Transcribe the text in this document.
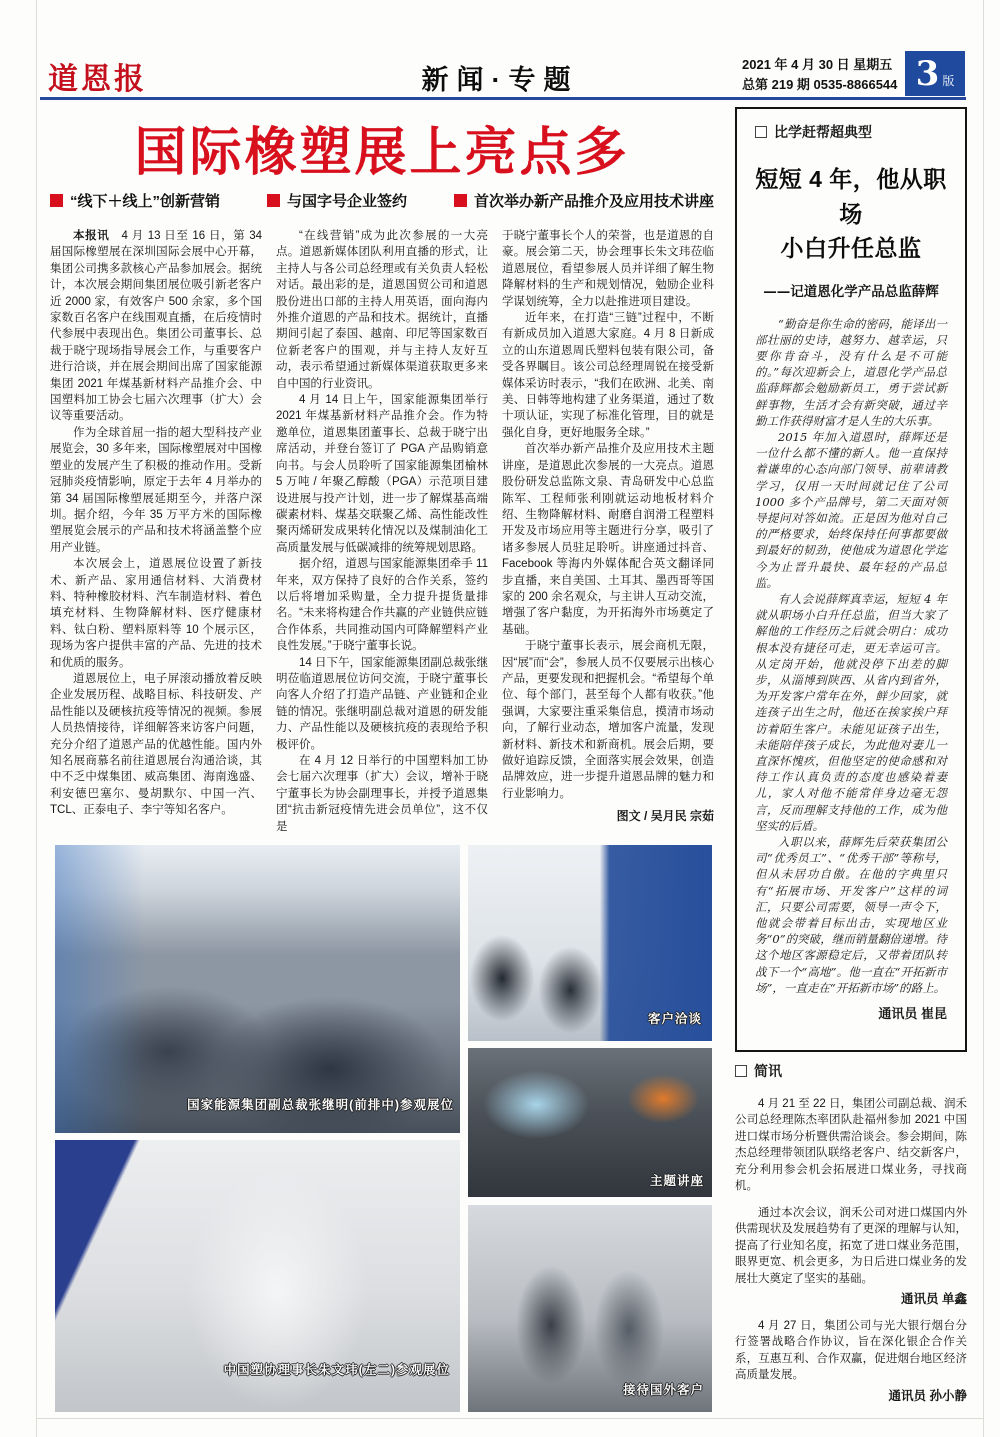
道恩报	新闻·专题
2021 年 4 月 30 日 星期五
总第 219 期 0535-8866544 3 版
国际橡塑展上亮点多
“线下＋线上”创新营销	与国字号企业签约	首次举办新产品推介及应用技术讲座

本报讯　4 月 13 日至 16 日，第 34 届国际橡塑展在深圳国际会展中心开幕，集团公司携多款核心产品参加展会。据统计，本次展会期间集团展位吸引新老客户近 2000 家，有效客户 500 余家，多个国家数百名客户在线围观直播，在后疫情时代参展中表现出色。集团公司董事长、总裁于晓宁现场指导展会工作，与重要客户进行洽谈，并在展会期间出席了国家能源集团 2021 年煤基新材料产品推介会、中国塑料加工协会七届六次理事（扩大）会议等重要活动。

作为全球首屈一指的超大型科技产业展览会，30 多年来，国际橡塑展对中国橡塑业的发展产生了积极的推动作用。受新冠肺炎疫情影响，原定于去年 4 月举办的第 34 届国际橡塑展延期至今，并落户深圳。据介绍，今年 35 万平方米的国际橡塑展览会展示的产品和技术将涵盖整个应用产业链。

本次展会上，道恩展位设置了新技术、新产品、家用通信材料、大消费材料、特种橡胶材料、汽车制造材料、着色填充材料、生物降解材料、医疗健康材料、钛白粉、塑料原料等 10 个展示区，现场为客户提供丰富的产品、先进的技术和优质的服务。

道恩展位上，电子屏滚动播放着反映企业发展历程、战略目标、科技研发、产品性能以及硬核抗疫等情况的视频。参展人员热情接待，详细解答来访客户问题，充分介绍了道恩产品的优越性能。国内外知名展商慕名前往道恩展台沟通洽谈，其中不乏中煤集团、威高集团、海南逸盛、利安德巴塞尔、曼胡默尔、中国一汽、TCL、正泰电子、李宁等知名客户。

“在线营销”成为此次参展的一大亮点。道恩新媒体团队利用直播的形式，让主持人与各公司总经理或有关负责人轻松对话。最出彩的是，道恩国贸公司和道恩股份进出口部的主持人用英语，面向海内外推介道恩的产品和技术。据统计，直播期间引起了泰国、越南、印尼等国家数百位新老客户的围观，并与主持人友好互动，表示希望通过新媒体渠道获取更多来自中国的行业资讯。

4 月 14 日上午，国家能源集团举行 2021 年煤基新材料产品推介会。作为特邀单位，道恩集团董事长、总裁于晓宁出席活动，并登台签订了 PGA 产品购销意向书。与会人员聆听了国家能源集团榆林 5 万吨 / 年聚乙醇酸（PGA）示范项目建设进展与投产计划，进一步了解煤基高端碳素材料、煤基交联聚乙烯、高性能改性聚丙烯研发成果转化情况以及煤制油化工高质量发展与低碳减排的统筹规划思路。

据介绍，道恩与国家能源集团牵手 11 年来，双方保持了良好的合作关系，签约以后将增加采购量，全力提升提货量排名。“未来将构建合作共赢的产业链供应链合作体系，共同推动国内可降解塑料产业良性发展。”于晓宁董事长说。

14 日下午，国家能源集团副总裁张继明莅临道恩展位访问交流，于晓宁董事长向客人介绍了打造产品链、产业链和企业链的情况。张继明副总裁对道恩的研发能力、产品性能以及硬核抗疫的表现给予积极评价。

在 4 月 12 日举行的中国塑料加工协会七届六次理事（扩大）会议，增补于晓宁董事长为协会副理事长，并授予道恩集团“抗击新冠疫情先进会员单位”，这不仅是

于晓宁董事长个人的荣誉，也是道恩的自豪。展会第二天，协会理事长朱文玮莅临道恩展位，看望参展人员并详细了解生物降解材料的生产和规划情况，勉励企业科学谋划统筹，全力以赴推进项目建设。

近年来，在打造“三链”过程中，不断有新成员加入道恩大家庭。4 月 8 日新成立的山东道恩周氏塑料包装有限公司，备受各界瞩目。该公司总经理周锐在接受新媒体采访时表示，“我们在欧洲、北美、南美、日韩等地构建了业务渠道，通过了数十项认证，实现了标准化管理，目的就是强化自身，更好地服务全球。”

首次举办新产品推介及应用技术主题讲座，是道恩此次参展的一大亮点。道恩股份研发总监陈文泉、青岛研发中心总监陈军、工程师张利刚就运动地板材料介绍、生物降解材料、耐磨自润滑工程塑料开发及市场应用等主题进行分享，吸引了诸多参展人员驻足聆听。讲座通过抖音、Facebook 等海内外媒体配合英文翻译同步直播，来自美国、土耳其、墨西哥等国家的 200 余名观众，与主讲人互动交流，增强了客户黏度，为开拓海外市场奠定了基础。

于晓宁董事长表示，展会商机无限，因“展”而“会”，参展人员不仅要展示出核心产品，更要发现和把握机会。“希望每个单位、每个部门，甚至每个人都有收获。”他强调，大家要注重采集信息，摸清市场动向，了解行业动态，增加客户流量，发现新材料、新技术和新商机。展会后期，要做好追踪反馈，全面落实展会效果，创造品牌效应，进一步提升道恩品牌的魅力和行业影响力。

图文 / 吴月民 宗茹

国家能源集团副总裁张继明(前排中)参观展位
客户洽谈
主题讲座
中国塑协理事长朱文玮(左二)参观展位
接待国外客户
比学赶帮超典型
短短 4 年，他从职场
小白升任总监
——记道恩化学产品总监薛辉

“勤奋是你生命的密码，能译出一部壮丽的史诗，越努力、越幸运，只要你肯奋斗，没有什么是不可能的。”每次迎新会上，道恩化学产品总监薛辉都会勉励新员工，勇于尝试新鲜事物，生活才会有新突破，通过辛勤工作获得财富才是人生的大乐事。

2015 年加入道恩时，薛辉还是一位什么都不懂的新人。他一直保持着谦卑的心态向部门领导、前辈请教学习，仅用一天时间就记住了公司 1000 多个产品牌号，第二天面对领导提问对答如流。正是因为他对自己的严格要求，始终保持任何事都要做到最好的韧劲，使他成为道恩化学迄今为止晋升最快、最年轻的产品总监。

有人会说薛辉真幸运，短短 4 年就从职场小白升任总监，但当大家了解他的工作经历之后就会明白：成功根本没有捷径可走，更无幸运可言。从定岗开始，他就没停下出差的脚步，从淄博到陕西、从省内到省外，为开发客户常年在外，鲜少回家，就连孩子出生之时，他还在挨家挨户拜访着陌生客户。未能见证孩子出生，未能陪伴孩子成长，为此他对妻儿一直深怀愧疚，但他坚定的使命感和对待工作认真负责的态度也感染着妻儿，家人对他不能常伴身边毫无怨言，反而理解支持他的工作，成为他坚实的后盾。

入职以来，薛辉先后荣获集团公司“优秀员工”、“优秀干部”等称号，但从未居功自傲。在他的字典里只有“拓展市场、开发客户”这样的词汇，只要公司需要，领导一声令下，他就会带着目标出击，实现地区业务“0”的突破，继而销量翻倍递增。待这个地区客源稳定后，又带着团队转战下一个“高地”。他一直在“开拓新市场”，一直走在“开拓新市场”的路上。

通讯员 崔昆
简讯

4 月 21 至 22 日，集团公司副总裁、润禾公司总经理陈杰率团队赴福州参加 2021 中国进口煤市场分析暨供需洽谈会。参会期间，陈杰总经理带领团队联络老客户、结交新客户，充分利用参会机会拓展进口煤业务，寻找商机。

通过本次会议，润禾公司对进口煤国内外供需现状及发展趋势有了更深的理解与认知，提高了行业知名度，拓宽了进口煤业务范围，眼界更宽、机会更多，为日后进口煤业务的发展壮大奠定了坚实的基础。

通讯员 单鑫

4 月 27 日，集团公司与光大银行烟台分行签署战略合作协议，旨在深化银企合作关系，互惠互利、合作双赢，促进烟台地区经济高质量发展。

通讯员 孙小静
